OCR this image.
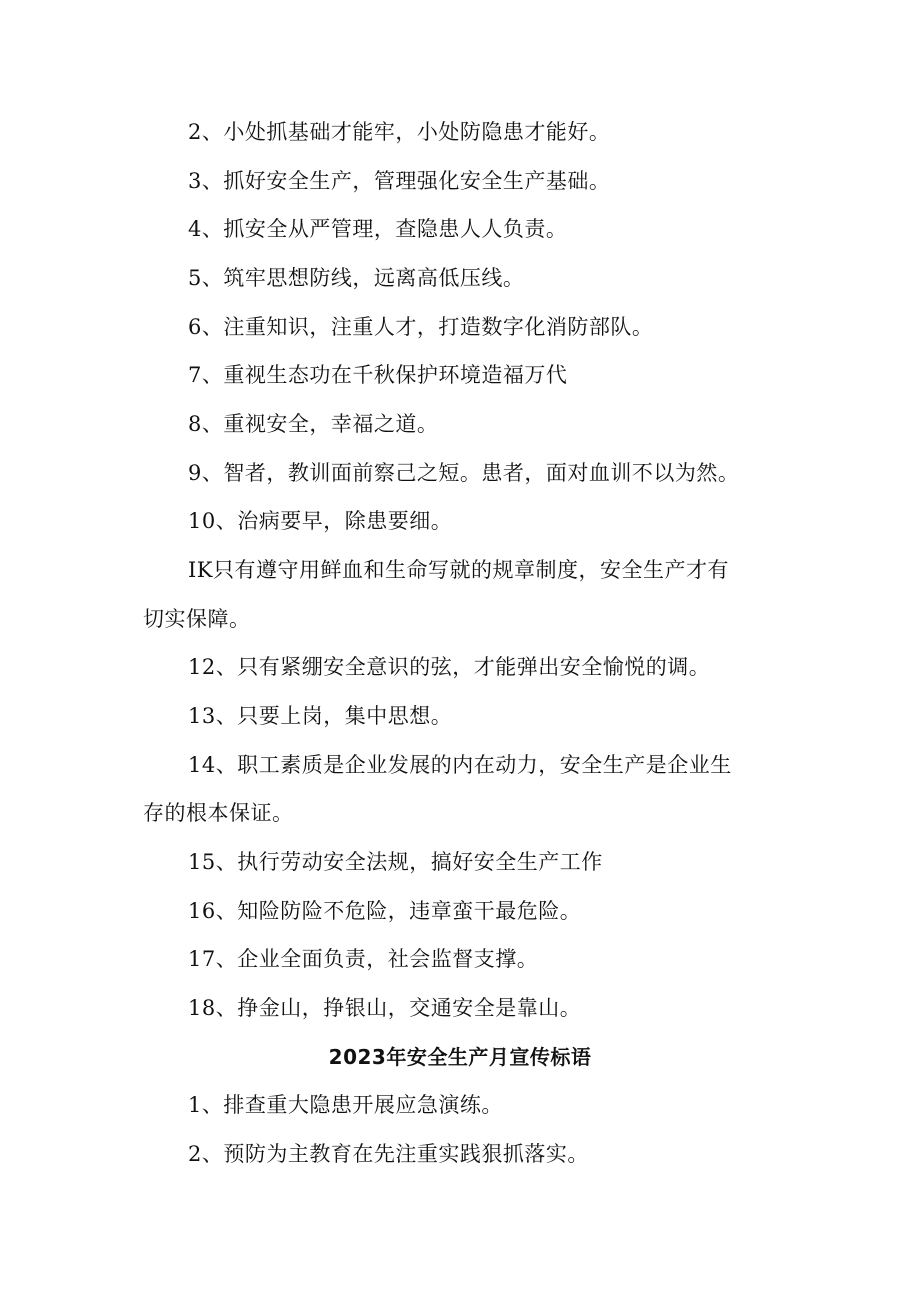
2、小处抓基础才能牢，小处防隐患才能好。
3、抓好安全生产，管理强化安全生产基础。
4、抓安全从严管理，查隐患人人负责。
5、筑牢思想防线，远离高低压线。
6、注重知识，注重人才，打造数字化消防部队。
7、重视生态功在千秋保护环境造福万代
8、重视安全，幸福之道。
9、智者，教训面前察己之短。患者，面对血训不以为然。
10、治病要早，除患要细。
IK只有遵守用鲜血和生命写就的规章制度，安全生产才有
切实保障。
12、只有紧绷安全意识的弦，才能弹出安全愉悦的调。
13、只要上岗，集中思想。
14、职工素质是企业发展的内在动力，安全生产是企业生
存的根本保证。
15、执行劳动安全法规，搞好安全生产工作
16、知险防险不危险，违章蛮干最危险。
17、企业全面负责，社会监督支撑。
18、挣金山，挣银山，交通安全是靠山。
2023年安全生产月宣传标语
1、排查重大隐患开展应急演练。
2、预防为主教育在先注重实践狠抓落实。
